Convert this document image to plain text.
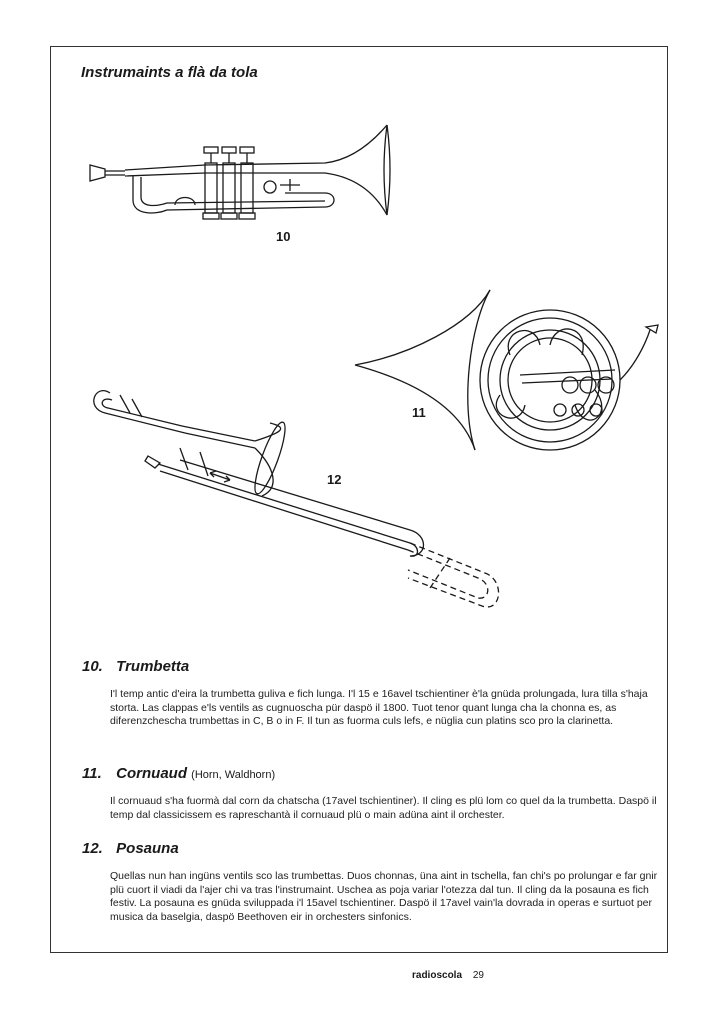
Instrumaints a flà da tola
10
11
12
10. Trumbetta
I'l temp antic d'eira la trumbetta guliva e fich lunga. I'l 15 e 16avel tschientiner è'la gnüda prolungada, lura tilla s'haja storta. Las clappas e'ls ventils as cugnuoscha pür daspö il 1800. Tuot tenor quant lunga cha la chonna es, as diferenzchescha trumbettas in C, B o in F. Il tun as fuorma culs lefs, e nüglia cun platins sco pro la clarinetta.
11. Cornuaud (Horn, Waldhorn)
Il cornuaud s'ha fuormà dal corn da chatscha (17avel tschientiner). Il cling es plü lom co quel da la trumbetta. Daspö il temp dal classicissem es rapreschantà il cornuaud plü o main adüna aint il orchester.
12. Posauna
Quellas nun han ingüns ventils sco las trumbettas. Duos chonnas, üna aint in tschella, fan chi's po prolungar e far gnir plü cuort il viadi da l'ajer chi va tras l'instrumaint. Uschea as poja variar l'otezza dal tun. Il cling da la posauna es fich festiv. La posauna es gnüda sviluppada i'l 15avel tschientiner. Daspö il 17avel vain'la dovrada in operas e surtuot per musica da baselgia, daspö Beethoven eir in orchesters sinfonics.
radioscola 29
